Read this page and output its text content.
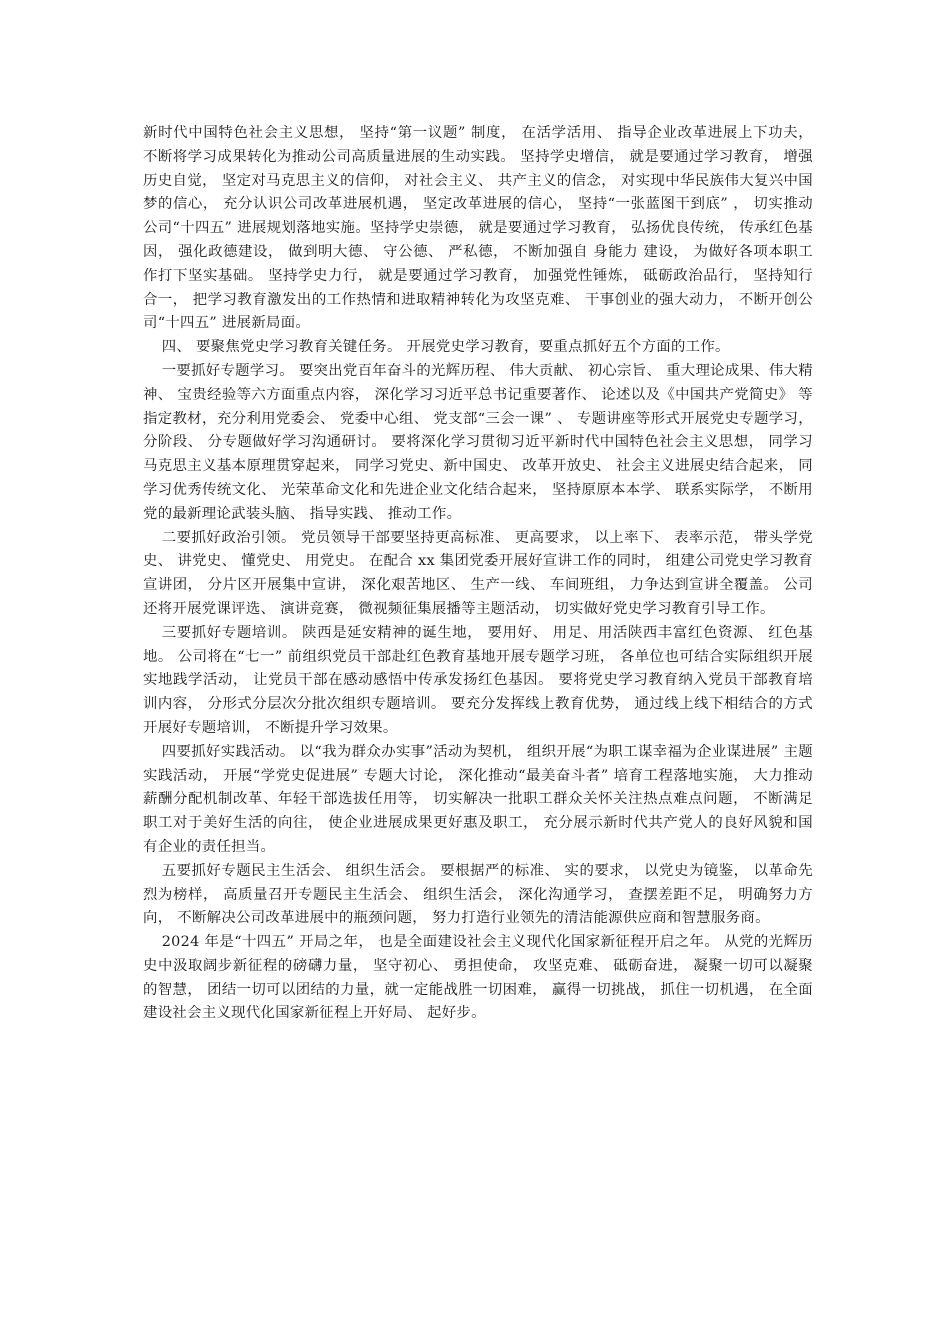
新时代中国特色社会主义思想， 坚持“第一议题” 制度， 在活学活用、 指导企业改革进展上下功夫， 不断将学习成果转化为推动公司高质量进展的生动实践。 坚持学史增信， 就是要通过学习教育， 增强历史自觉， 坚定对马克思主义的信仰， 对社会主义、 共产主义的信念， 对实现中华民族伟大复兴中国梦的信心， 充分认识公司改革进展机遇， 坚定改革进展的信心， 坚持“一张蓝图干到底” ， 切实推动公司“十四五” 进展规划落地实施。坚持学史崇德， 就是要通过学习教育， 弘扬优良传统， 传承红色基因， 强化政德建设， 做到明大德、 守公德、 严私德， 不断加强自 身能力 建设， 为做好各项本职工作打下坚实基础。 坚持学史力行， 就是要通过学习教育， 加强党性锤炼， 砥砺政治品行， 坚持知行合一， 把学习教育激发出的工作热情和进取精神转化为攻坚克难、 干事创业的强大动力， 不断开创公司“十四五” 进展新局面。

四、 要聚焦党史学习教育关键任务。 开展党史学习教育，要重点抓好五个方面的工作。

一要抓好专题学习。 要突出党百年奋斗的光辉历程、 伟大贡献、 初心宗旨、 重大理论成果、伟大精神、 宝贵经验等六方面重点内容， 深化学习习近平总书记重要著作、 论述以及《中国共产党简史》 等指定教材，充分利用党委会、 党委中心组、 党支部“三会一课” 、 专题讲座等形式开展党史专题学习， 分阶段、 分专题做好学习沟通研讨。 要将深化学习贯彻习近平新时代中国特色社会主义思想， 同学习马克思主义基本原理贯穿起来， 同学习党史、新中国史、 改革开放史、 社会主义进展史结合起来， 同学习优秀传统文化、 光荣革命文化和先进企业文化结合起来， 坚持原原本本学、 联系实际学， 不断用党的最新理论武装头脑、 指导实践、 推动工作。

二要抓好政治引领。 党员领导干部要坚持更高标准、 更高要求， 以上率下、 表率示范， 带头学党史、 讲党史、 懂党史、 用党史。 在配合 xx 集团党委开展好宣讲工作的同时， 组建公司党史学习教育宣讲团， 分片区开展集中宣讲， 深化艰苦地区、 生产一线、 车间班组， 力争达到宣讲全覆盖。 公司还将开展党课评选、 演讲竞赛， 微视频征集展播等主题活动， 切实做好党史学习教育引导工作。

三要抓好专题培训。 陕西是延安精神的诞生地， 要用好、 用足、用活陕西丰富红色资源、 红色基地。 公司将在“七一” 前组织党员干部赴红色教育基地开展专题学习班， 各单位也可结合实际组织开展实地践学活动， 让党员干部在感动感悟中传承发扬红色基因。 要将党史学习教育纳入党员干部教育培训内容， 分形式分层次分批次组织专题培训。 要充分发挥线上教育优势， 通过线上线下相结合的方式开展好专题培训， 不断提升学习效果。

四要抓好实践活动。 以“我为群众办实事”活动为契机， 组织开展“为职工谋幸福为企业谋进展” 主题实践活动， 开展“学党史促进展” 专题大讨论， 深化推动“最美奋斗者” 培育工程落地实施， 大力推动薪酬分配机制改革、年轻干部选拔任用等， 切实解决一批职工群众关怀关注热点难点问题， 不断满足职工对于美好生活的向往， 使企业进展成果更好惠及职工， 充分展示新时代共产党人的良好风貌和国有企业的责任担当。

五要抓好专题民主生活会、 组织生活会。 要根据严的标准、 实的要求， 以党史为镜鉴， 以革命先烈为榜样， 高质量召开专题民主生活会、 组织生活会， 深化沟通学习， 查摆差距不足， 明确努力方向， 不断解决公司改革进展中的瓶颈问题， 努力打造行业领先的清洁能源供应商和智慧服务商。

2024 年是“十四五” 开局之年， 也是全面建设社会主义现代化国家新征程开启之年。 从党的光辉历史中汲取阔步新征程的磅礴力量， 坚守初心、 勇担使命， 攻坚克难、 砥砺奋进， 凝聚一切可以凝聚的智慧， 团结一切可以团结的力量，就一定能战胜一切困难， 赢得一切挑战， 抓住一切机遇， 在全面建设社会主义现代化国家新征程上开好局、 起好步。
